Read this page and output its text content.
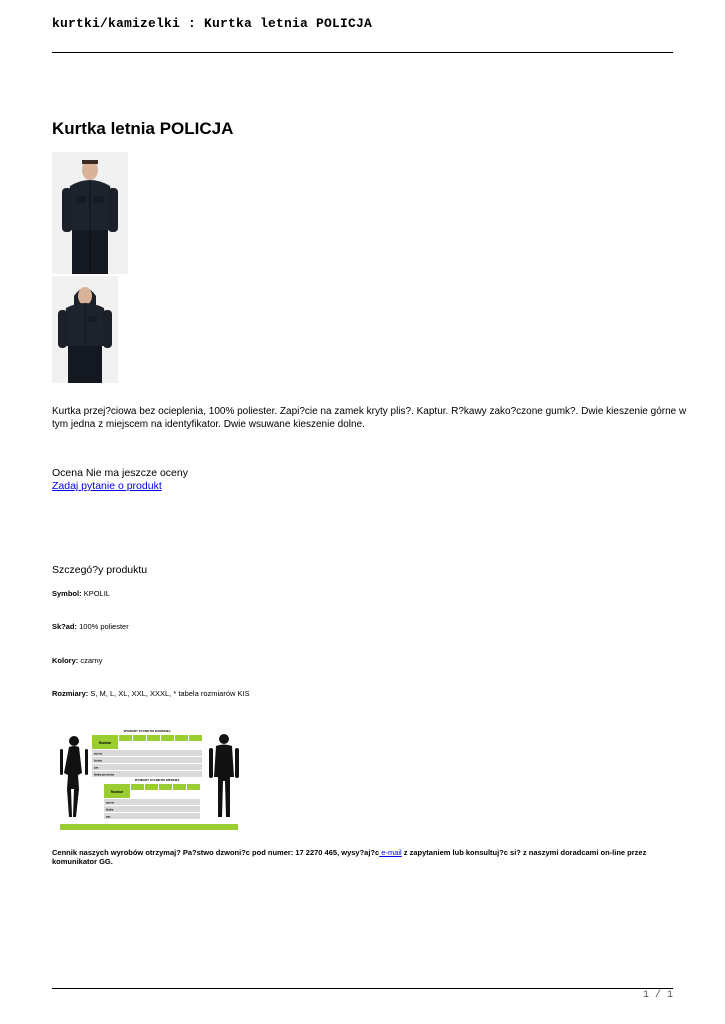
kurtki/kamizelki : Kurtka letnia POLICJA
Kurtka letnia POLICJA
Kurtka przej?ciowa bez ocieplenia, 100% poliester. Zapi?cie na zamek kryty plis?. Kaptur. R?kawy zako?czone gumk?. Dwie kieszenie górne w
tym jedna z miejscem na identyfikator. Dwie wsuwane kieszenie dolne.
Ocena Nie ma jeszcze oceny
Zadaj pytanie o produkt
Szczegó?y produktu
Symbol: KPOLIL
Sk?ad: 100% poliester
Kolory: czarny
Rozmiary: S, M, L, XL, XXL, XXXL, * tabela rozmiarów KIS
WYMIARY SYLWETKI DAMSKIEJ
Rozmiar
wzrost
biodra
pas
klatka piersiowa
WYMIARY SYLWETKI MĘSKIEJ
Rozmiar
wzrost
klatka
pas
Cennik naszych wyrobów otrzymaj? Pa?stwo dzwoni?c pod numer: 17 2270 465, wysy?aj?c e-mail z zapytaniem lub konsultuj?c si? z naszymi doradcami on-line przez komunikator GG.
1 / 1
